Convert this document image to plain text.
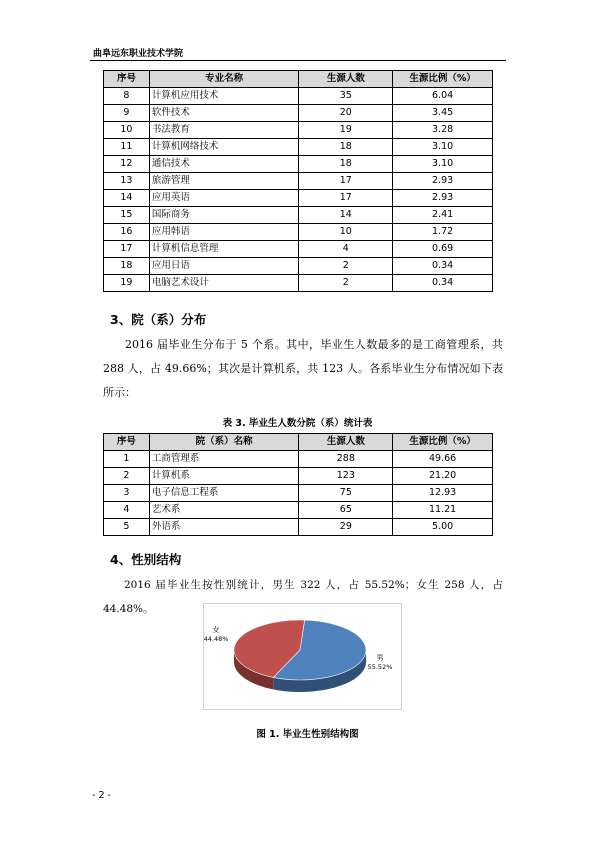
曲阜远东职业技术学院
序号	专业名称	生源人数	生源比例（%）
8	计算机应用技术	35	6.04
9	软件技术	20	3.45
10	书法教育	19	3.28
11	计算机网络技术	18	3.10
12	通信技术	18	3.10
13	旅游管理	17	2.93
14	应用英语	17	2.93
15	国际商务	14	2.41
16	应用韩语	10	1.72
17	计算机信息管理	4	0.69
18	应用日语	2	0.34
19	电脑艺术设计	2	0.34
3、院（系）分布
2016 届毕业生分布于 5 个系。其中，毕业生人数最多的是工商管理系，共 288 人，占 49.66%；其次是计算机系，共 123 人。各系毕业生分布情况如下表所示：
表 3. 毕业生人数分院（系）统计表
序号	院（系）名称	生源人数	生源比例（%）
1	工商管理系	288	49.66
2	计算机系	123	21.20
3	电子信息工程系	75	12.93
4	艺术系	65	11.21
5	外语系	29	5.00
4、性别结构
2016 届毕业生按性别统计，男生 322 人，占 55.52%；女生 258 人，占 44.48%。
男
55.52%
女
44.48%
图 1. 毕业生性别结构图
- 2 -
